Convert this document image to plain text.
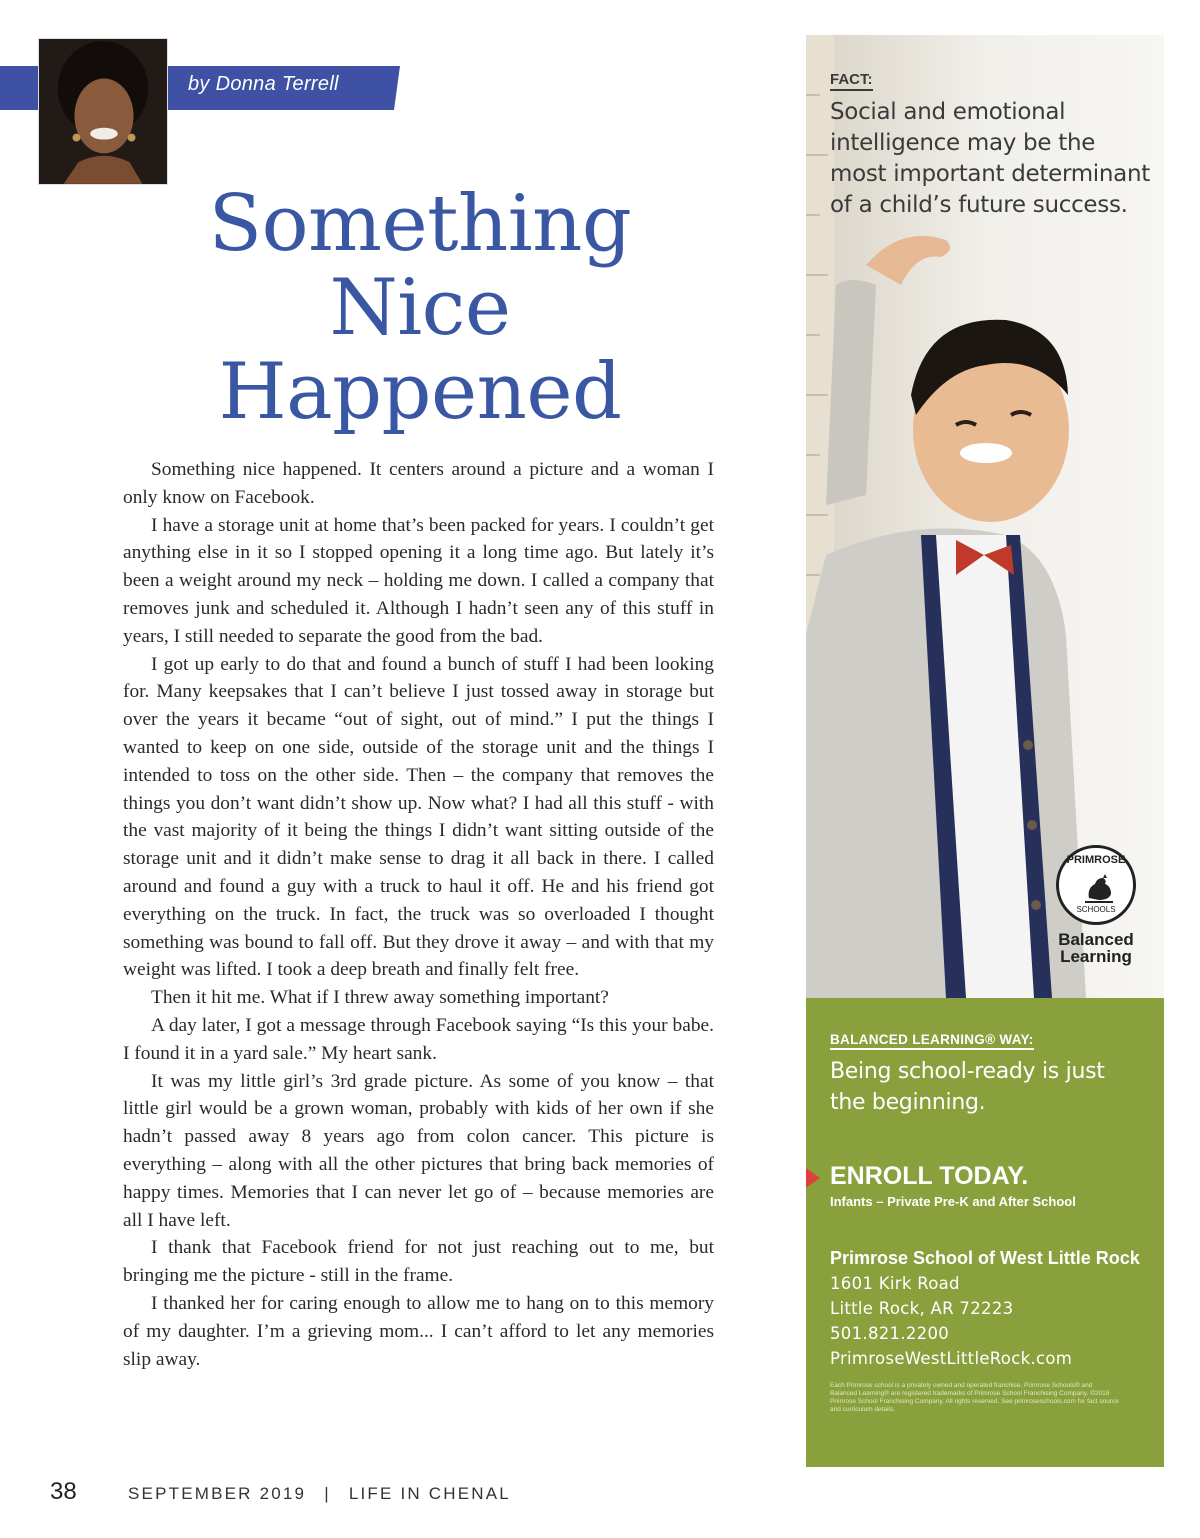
by Donna Terrell
Something
Nice
Happened

Something nice happened. It centers around a picture and a woman I only know on Facebook.

I have a storage unit at home that’s been packed for years. I couldn’t get anything else in it so I stopped opening it a long time ago. But lately it’s been a weight around my neck – holding me down. I called a company that removes junk and scheduled it. Although I hadn’t seen any of this stuff in years, I still needed to separate the good from the bad.

I got up early to do that and found a bunch of stuff I had been looking for. Many keepsakes that I can’t believe I just tossed away in storage but over the years it became “out of sight, out of mind.” I put the things I wanted to keep on one side, outside of the storage unit and the things I intended to toss on the other side. Then – the company that removes the things you don’t want didn’t show up. Now what? I had all this stuff - with the vast majority of it being the things I didn’t want sitting outside of the storage unit and it didn’t make sense to drag it all back in there. I called around and found a guy with a truck to haul it off. He and his friend got everything on the truck. In fact, the truck was so overloaded I thought something was bound to fall off. But they drove it away – and with that my weight was lifted. I took a deep breath and finally felt free.

Then it hit me. What if I threw away something important?

A day later, I got a message through Facebook saying “Is this your babe. I found it in a yard sale.” My heart sank.

It was my little girl’s 3rd grade picture. As some of you know – that little girl would be a grown woman, probably with kids of her own if she hadn’t passed away 8 years ago from colon cancer. This picture is everything – along with all the other pictures that bring back memories of happy times. Memories that I can never let go of – because memories are all I have left.

I thank that Facebook friend for not just reaching out to me, but bringing me the picture - still in the frame.

I thanked her for caring enough to allow me to hang on to this memory of my daughter. I’m a grieving mom... I can’t afford to let any memories slip away.

38	SEPTEMBER 2019 | LIFE IN CHENAL
FACT:
Social and emotional intelligence may be the most important determinant of a child’s future success.
PRIMROSE
SCHOOLS
Balanced
Learning
BALANCED LEARNING® WAY:
Being school-ready is just the beginning.
ENROLL TODAY.
Infants – Private Pre-K and After School
Primrose School of West Little Rock
1601 Kirk Road
Little Rock, AR 72223
501.821.2200
PrimroseWestLittleRock.com
Each Primrose school is a privately owned and operated franchise. Primrose Schools® and Balanced Learning® are registered trademarks of Primrose School Franchising Company. ©2018 Primrose School Franchising Company. All rights reserved. See primroseschools.com for fact source and curriculum details.
